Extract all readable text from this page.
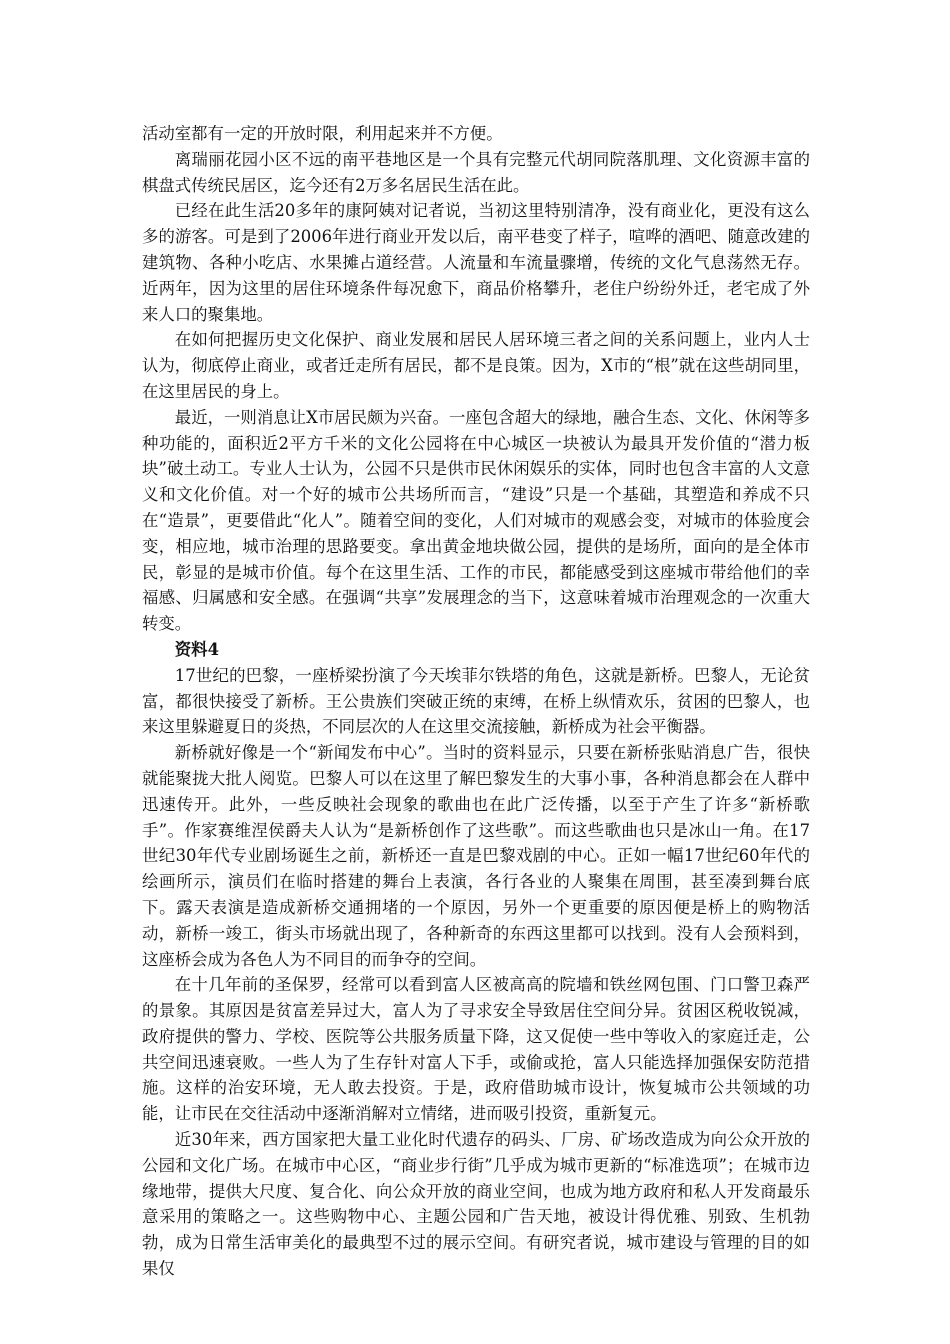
活动室都有一定的开放时限，利用起来并不方便。

离瑞丽花园小区不远的南平巷地区是一个具有完整元代胡同院落肌理、文化资源丰富的棋盘式传统民居区，迄今还有2万多名居民生活在此。

已经在此生活20多年的康阿姨对记者说，当初这里特别清净，没有商业化，更没有这么多的游客。可是到了2006年进行商业开发以后，南平巷变了样子，喧哗的酒吧、随意改建的建筑物、各种小吃店、水果摊占道经营。人流量和车流量骤增，传统的文化气息荡然无存。近两年，因为这里的居住环境条件每况愈下，商品价格攀升，老住户纷纷外迁，老宅成了外来人口的聚集地。

在如何把握历史文化保护、商业发展和居民人居环境三者之间的关系问题上，业内人士认为，彻底停止商业，或者迁走所有居民，都不是良策。因为，X市的“根”就在这些胡同里，在这里居民的身上。

最近，一则消息让X市居民颇为兴奋。一座包含超大的绿地，融合生态、文化、休闲等多种功能的，面积近2平方千米的文化公园将在中心城区一块被认为最具开发价值的“潜力板块”破土动工。专业人士认为，公园不只是供市民休闲娱乐的实体，同时也包含丰富的人文意义和文化价值。对一个好的城市公共场所而言，“建设”只是一个基础，其塑造和养成不只在“造景”，更要借此“化人”。随着空间的变化，人们对城市的观感会变，对城市的体验度会变，相应地，城市治理的思路要变。拿出黄金地块做公园，提供的是场所，面向的是全体市民，彰显的是城市价值。每个在这里生活、工作的市民，都能感受到这座城市带给他们的幸福感、归属感和安全感。在强调“共享”发展理念的当下，这意味着城市治理观念的一次重大转变。

资料4

17世纪的巴黎，一座桥梁扮演了今天埃菲尔铁塔的角色，这就是新桥。巴黎人，无论贫富，都很快接受了新桥。王公贵族们突破正统的束缚，在桥上纵情欢乐，贫困的巴黎人，也来这里躲避夏日的炎热，不同层次的人在这里交流接触，新桥成为社会平衡器。

新桥就好像是一个“新闻发布中心”。当时的资料显示，只要在新桥张贴消息广告，很快就能聚拢大批人阅览。巴黎人可以在这里了解巴黎发生的大事小事，各种消息都会在人群中迅速传开。此外，一些反映社会现象的歌曲也在此广泛传播，以至于产生了许多“新桥歌手”。作家赛维涅侯爵夫人认为“是新桥创作了这些歌”。而这些歌曲也只是冰山一角。在17世纪30年代专业剧场诞生之前，新桥还一直是巴黎戏剧的中心。正如一幅17世纪60年代的绘画所示，演员们在临时搭建的舞台上表演，各行各业的人聚集在周围，甚至凑到舞台底下。露天表演是造成新桥交通拥堵的一个原因，另外一个更重要的原因便是桥上的购物活动，新桥一竣工，街头市场就出现了，各种新奇的东西这里都可以找到。没有人会预料到，这座桥会成为各色人为不同目的而争夺的空间。

在十几年前的圣保罗，经常可以看到富人区被高高的院墙和铁丝网包围、门口警卫森严的景象。其原因是贫富差异过大，富人为了寻求安全导致居住空间分异。贫困区税收锐减，政府提供的警力、学校、医院等公共服务质量下降，这又促使一些中等收入的家庭迁走，公共空间迅速衰败。一些人为了生存针对富人下手，或偷或抢，富人只能选择加强保安防范措施。这样的治安环境，无人敢去投资。于是，政府借助城市设计，恢复城市公共领域的功能，让市民在交往活动中逐渐消解对立情绪，进而吸引投资，重新复元。

近30年来，西方国家把大量工业化时代遗存的码头、厂房、矿场改造成为向公众开放的公园和文化广场。在城市中心区，“商业步行街”几乎成为城市更新的“标准选项”；在城市边缘地带，提供大尺度、复合化、向公众开放的商业空间，也成为地方政府和私人开发商最乐意采用的策略之一。这些购物中心、主题公园和广告天地，被设计得优雅、别致、生机勃勃，成为日常生活审美化的最典型不过的展示空间。有研究者说，城市建设与管理的目的如果仅
